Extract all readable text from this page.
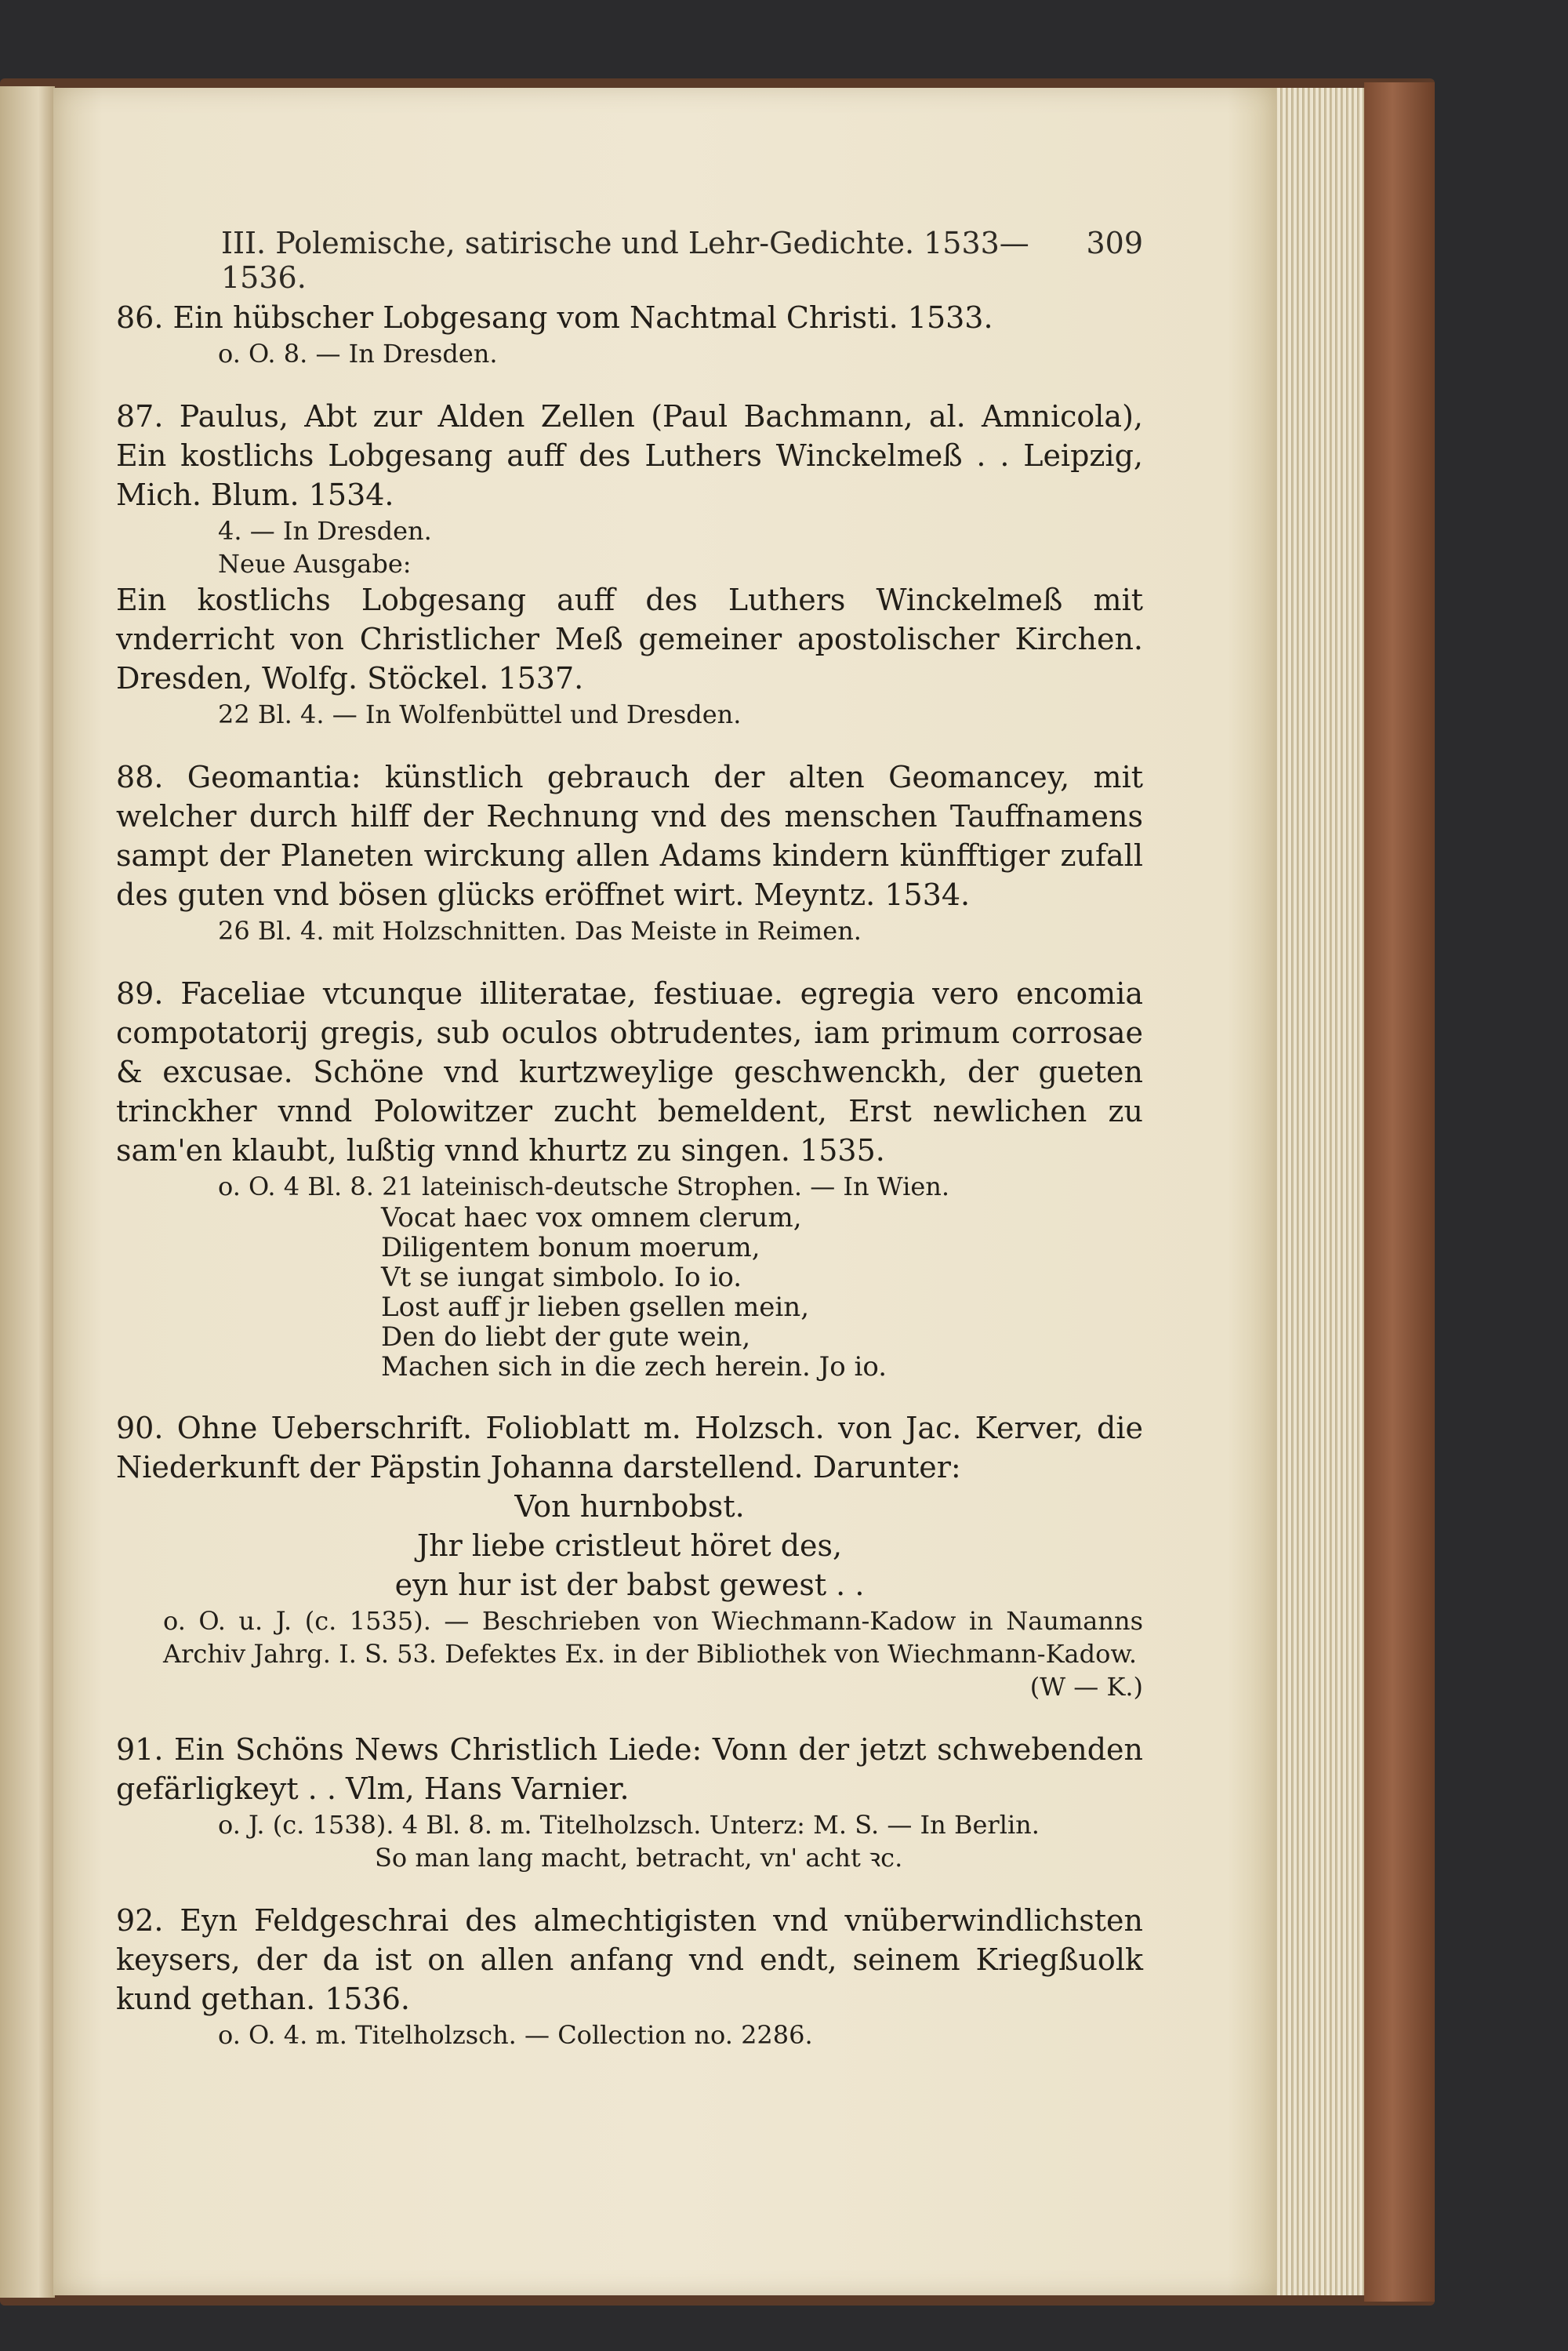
III. Polemische, satirische und Lehr-Gedichte. 1533—1536.
309

86. Ein hübscher Lobgesang vom Nachtmal Christi. 1533.

o. O. 8. — In Dresden.

87. Paulus, Abt zur Alden Zellen (Paul Bachmann, al. Amnicola), Ein kostlichs Lobgesang auff des Luthers Winckelmeß . . Leipzig, Mich. Blum. 1534.

4. — In Dresden.

Neue Ausgabe:

Ein kostlichs Lobgesang auff des Luthers Winckelmeß mit vnderricht von Christlicher Meß gemeiner apostolischer Kirchen. Dresden, Wolfg. Stöckel. 1537.

22 Bl. 4. — In Wolfenbüttel und Dresden.

88. Geomantia: künstlich gebrauch der alten Geomancey, mit welcher durch hilff der Rechnung vnd des menschen Tauffnamens sampt der Planeten wirckung allen Adams kindern künfftiger zufall des guten vnd bösen glücks eröffnet wirt. Meyntz. 1534.

26 Bl. 4. mit Holzschnitten. Das Meiste in Reimen.

89. Faceliae vtcunque illiteratae, festiuae. egregia vero encomia compotatorij gregis, sub oculos obtrudentes, iam primum corrosae & excusae. Schöne vnd kurtzweylige geschwenckh, der gueten trinckher vnnd Polowitzer zucht bemeldent, Erst newlichen zu sam'en klaubt, lußtig vnnd khurtz zu singen. 1535.

o. O. 4 Bl. 8. 21 lateinisch-deutsche Strophen. — In Wien.

Vocat haec vox omnem clerum,

Diligentem bonum moerum,

Vt se iungat simbolo. Io io.

Lost auff jr lieben gsellen mein,

Den do liebt der gute wein,

Machen sich in die zech herein. Jo io.

90. Ohne Ueberschrift. Folioblatt m. Holzsch. von Jac. Kerver, die Niederkunft der Päpstin Johanna darstellend. Darunter:

Von hurnbobst.

Jhr liebe cristleut höret des,

eyn hur ist der babst gewest . .

o. O. u. J. (c. 1535). — Beschrieben von Wiechmann-Kadow in Naumanns Archiv Jahrg. I. S. 53. Defektes Ex. in der Bibliothek von Wiechmann-Kadow.

(W — K.)

91. Ein Schöns News Christlich Liede: Vonn der jetzt schwebenden gefärligkeyt . . Vlm, Hans Varnier.

o. J. (c. 1538). 4 Bl. 8. m. Titelholzsch. Unterz: M. S. — In Berlin.

So man lang macht, betracht, vn' acht ꝛc.

92. Eyn Feldgeschrai des almechtigisten vnd vnüberwindlichsten keysers, der da ist on allen anfang vnd endt, seinem Kriegßuolk kund gethan. 1536.

o. O. 4. m. Titelholzsch. — Collection no. 2286.
